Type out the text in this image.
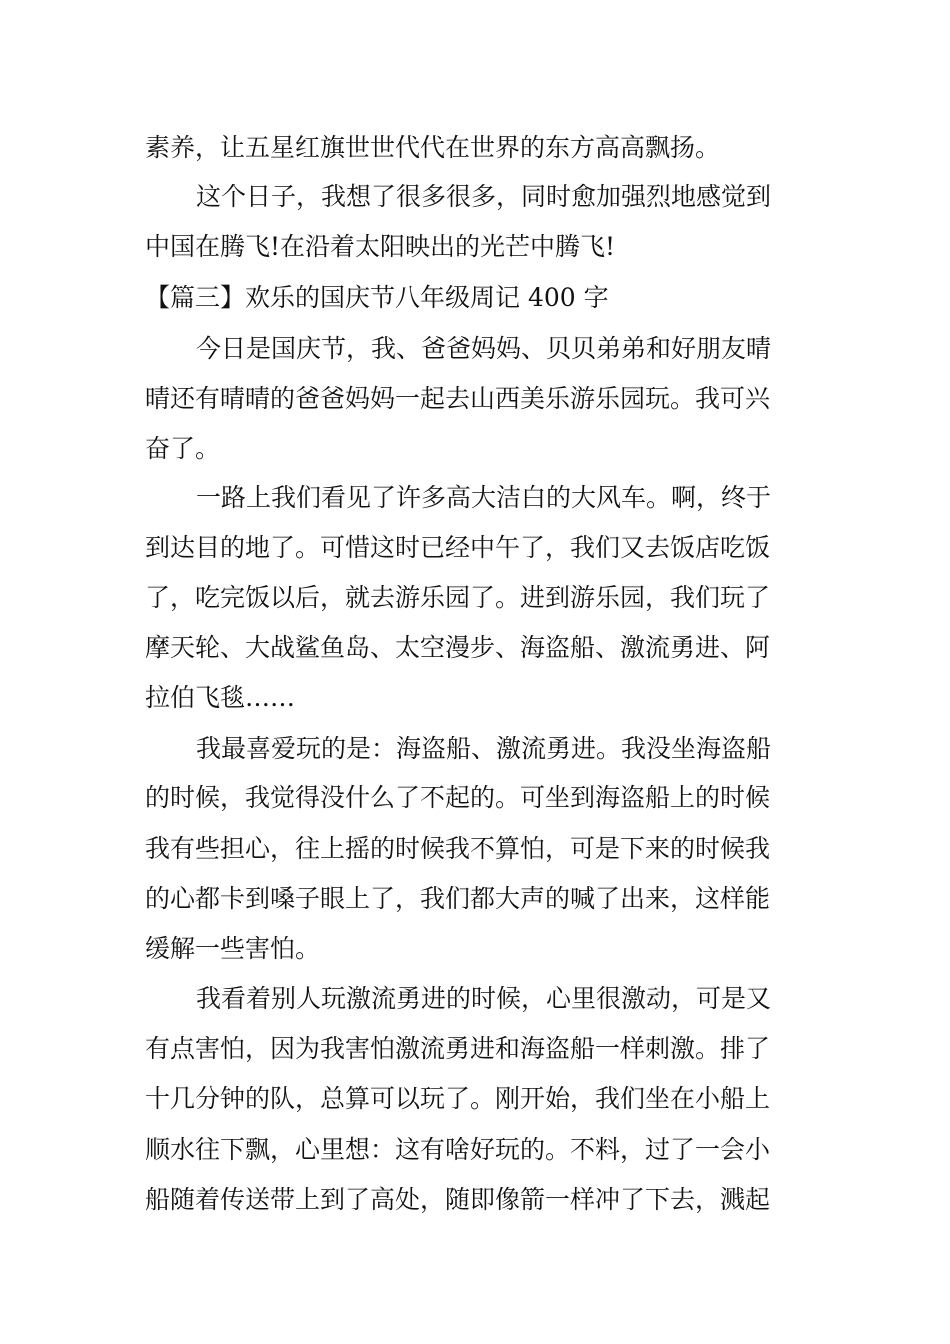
素养，让五星红旗世世代代在世界的东方高高飘扬。
这个日子，我想了很多很多，同时愈加强烈地感觉到
中国在腾飞!在沿着太阳映出的光芒中腾飞!
【篇三】欢乐的国庆节八年级周记 400 字
今日是国庆节，我、爸爸妈妈、贝贝弟弟和好朋友晴
晴还有晴晴的爸爸妈妈一起去山西美乐游乐园玩。我可兴
奋了。
一路上我们看见了许多高大洁白的大风车。啊，终于
到达目的地了。可惜这时已经中午了，我们又去饭店吃饭
了，吃完饭以后，就去游乐园了。进到游乐园，我们玩了
摩天轮、大战鲨鱼岛、太空漫步、海盗船、激流勇进、阿
拉伯飞毯……
我最喜爱玩的是：海盗船、激流勇进。我没坐海盗船
的时候，我觉得没什么了不起的。可坐到海盗船上的时候
我有些担心，往上摇的时候我不算怕，可是下来的时候我
的心都卡到嗓子眼上了，我们都大声的喊了出来，这样能
缓解一些害怕。
我看着别人玩激流勇进的时候，心里很激动，可是又
有点害怕，因为我害怕激流勇进和海盗船一样刺激。排了
十几分钟的队，总算可以玩了。刚开始，我们坐在小船上
顺水往下飘，心里想：这有啥好玩的。不料，过了一会小
船随着传送带上到了高处，随即像箭一样冲了下去，溅起
